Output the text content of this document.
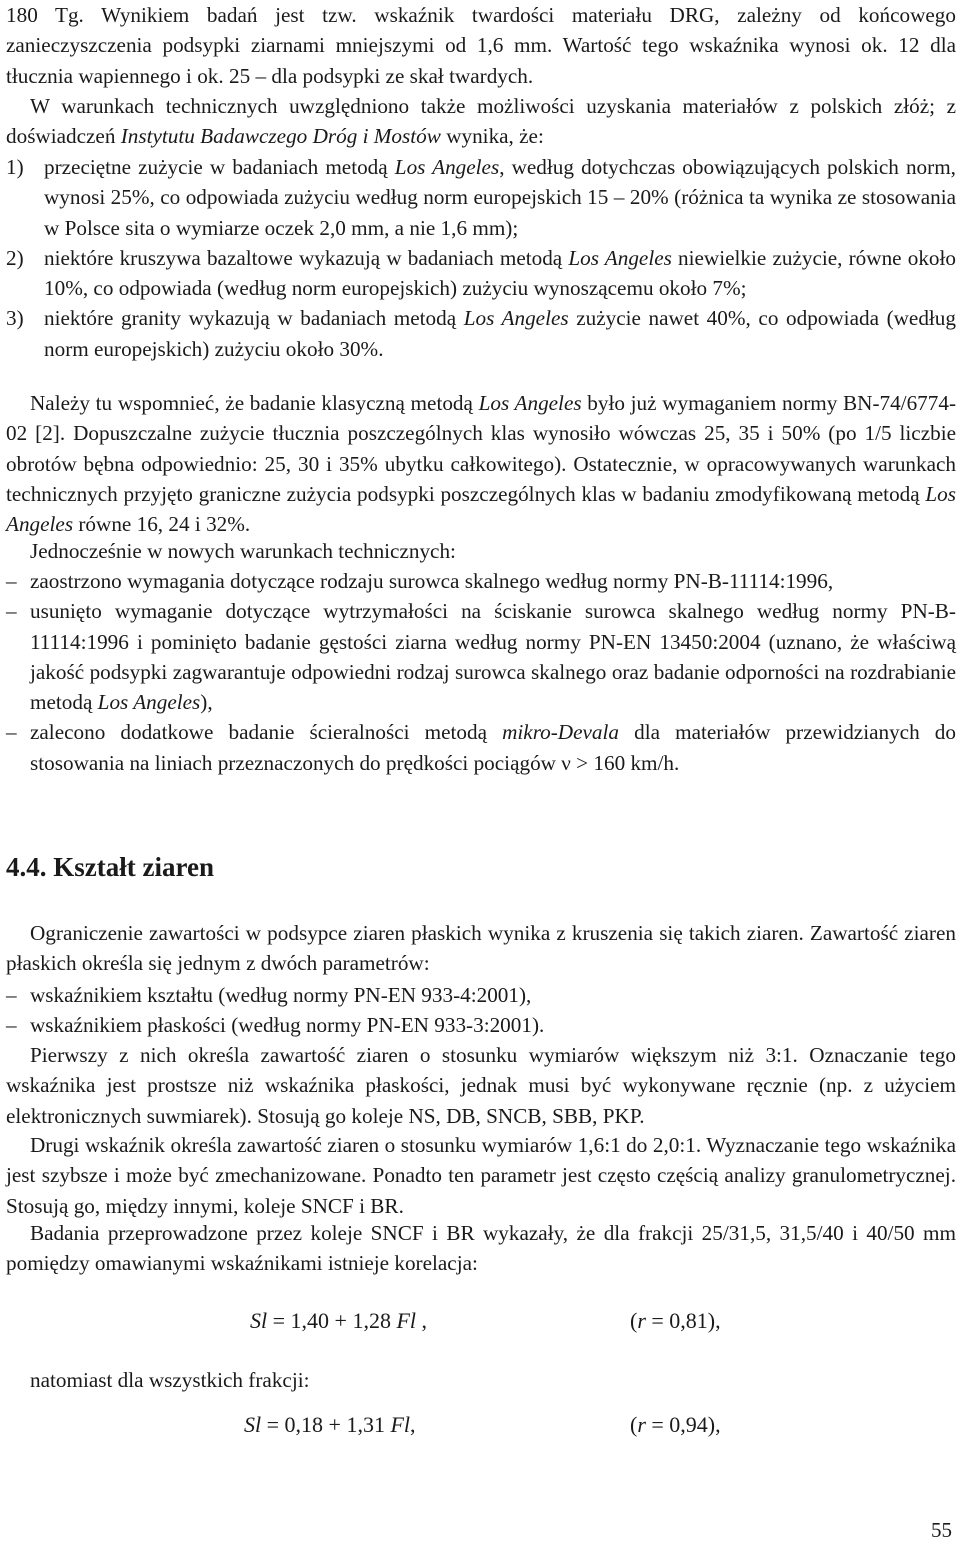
180 Tg. Wynikiem badań jest tzw. wskaźnik twardości materiału DRG, zależny od końcowego zanieczyszczenia podsypki ziarnami mniejszymi od 1,6 mm. Wartość tego wskaźnika wynosi ok. 12 dla tłucznia wapiennego i ok. 25 – dla podsypki ze skał twardych.

W warunkach technicznych uwzględniono także możliwości uzyskania materiałów z polskich złóż; z doświadczeń Instytutu Badawczego Dróg i Mostów wynika, że:

1) przeciętne zużycie w badaniach metodą Los Angeles, według dotychczas obowiązujących polskich norm, wynosi 25%, co odpowiada zużyciu według norm europejskich 15 – 20% (różnica ta wynika ze stosowania w Polsce sita o wymiarze oczek 2,0 mm, a nie 1,6 mm);
2) niektóre kruszywa bazaltowe wykazują w badaniach metodą Los Angeles niewielkie zużycie, równe około 10%, co odpowiada (według norm europejskich) zużyciu wynoszącemu około 7%;
3) niektóre granity wykazują w badaniach metodą Los Angeles zużycie nawet 40%, co odpowiada (według norm europejskich) zużyciu około 30%.

Należy tu wspomnieć, że badanie klasyczną metodą Los Angeles było już wymaganiem normy BN-74/6774-02 [2]. Dopuszczalne zużycie tłucznia poszczególnych klas wynosiło wówczas 25, 35 i 50% (po 1/5 liczbie obrotów bębna odpowiednio: 25, 30 i 35% ubytku całkowitego). Ostatecznie, w opracowywanych warunkach technicznych przyjęto graniczne zużycia podsypki poszczególnych klas w badaniu zmodyfikowaną metodą Los Angeles równe 16, 24 i 32%.

Jednocześnie w nowych warunkach technicznych:

– zaostrzono wymagania dotyczące rodzaju surowca skalnego według normy PN-B-11114:1996,
– usunięto wymaganie dotyczące wytrzymałości na ściskanie surowca skalnego według normy PN-B-11114:1996 i pominięto badanie gęstości ziarna według normy PN-EN 13450:2004 (uznano, że właściwą jakość podsypki zagwarantuje odpowiedni rodzaj surowca skalnego oraz badanie odporności na rozdrabianie metodą Los Angeles),
– zalecono dodatkowe badanie ścieralności metodą mikro-Devala dla materiałów przewidzianych do stosowania na liniach przeznaczonych do prędkości pociągów ν > 160 km/h.
4.4. Kształt ziaren

Ograniczenie zawartości w podsypce ziaren płaskich wynika z kruszenia się takich ziaren. Zawartość ziaren płaskich określa się jednym z dwóch parametrów:

– wskaźnikiem kształtu (według normy PN-EN 933-4:2001),
– wskaźnikiem płaskości (według normy PN-EN 933-3:2001).

Pierwszy z nich określa zawartość ziaren o stosunku wymiarów większym niż 3:1. Oznaczanie tego wskaźnika jest prostsze niż wskaźnika płaskości, jednak musi być wykonywane ręcznie (np. z użyciem elektronicznych suwmiarek). Stosują go koleje NS, DB, SNCB, SBB, PKP.

Drugi wskaźnik określa zawartość ziaren o stosunku wymiarów 1,6:1 do 2,0:1. Wyznaczanie tego wskaźnika jest szybsze i może być zmechanizowane. Ponadto ten parametr jest często częścią analizy granulometrycznej. Stosują go, między innymi, koleje SNCF i BR.

Badania przeprowadzone przez koleje SNCF i BR wykazały, że dla frakcji 25/31,5, 31,5/40 i 40/50 mm pomiędzy omawianymi wskaźnikami istnieje korelacja:

Sl = 1,40 + 1,28 Fl ,	(r = 0,81),
natomiast dla wszystkich frakcji:
Sl = 0,18 + 1,31 Fl,	(r = 0,94),
55
